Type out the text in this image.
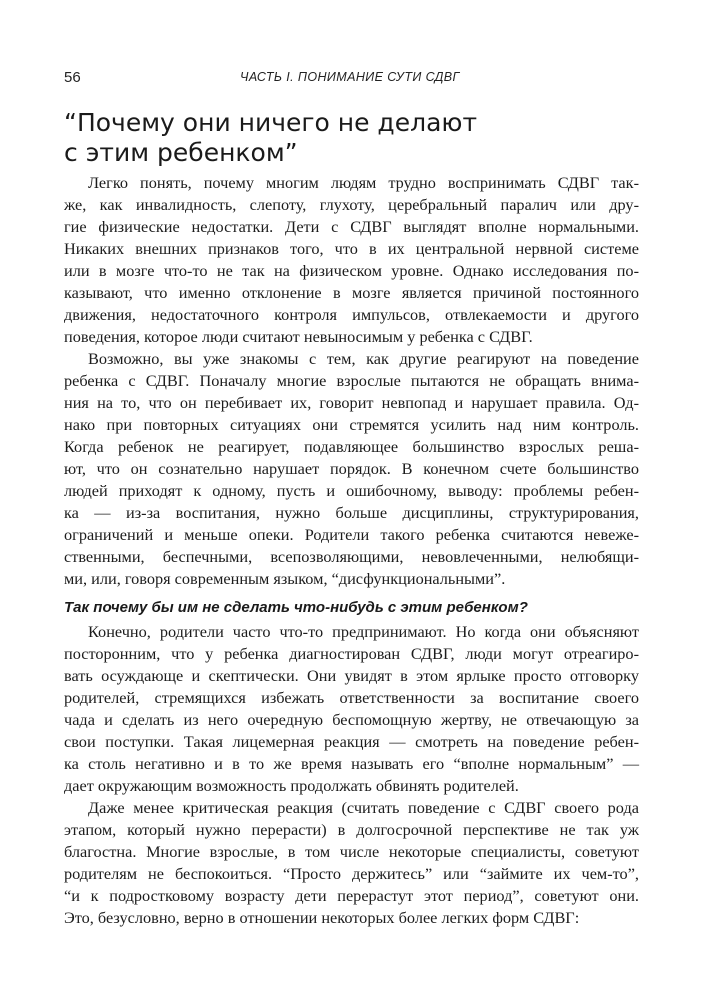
56	ЧАСТЬ I. ПОНИМАНИЕ СУТИ СДВГ
“Почему они ничего не делают
с этим ребенком”
Легко понять, почему многим людям трудно воспринимать СДВГ так-
же, как инвалидность, слепоту, глухоту, церебральный паралич или дру-
гие физические недостатки. Дети с СДВГ выглядят вполне нормальными.
Никаких внешних признаков того, что в их центральной нервной системе
или в мозге что-то не так на физическом уровне. Однако исследования по-
казывают, что именно отклонение в мозге является причиной постоянного
движения, недостаточного контроля импульсов, отвлекаемости и другого
поведения, которое люди считают невыносимым у ребенка с СДВГ.
Возможно, вы уже знакомы с тем, как другие реагируют на поведение
ребенка с СДВГ. Поначалу многие взрослые пытаются не обращать внима-
ния на то, что он перебивает их, говорит невпопад и нарушает правила. Од-
нако при повторных ситуациях они стремятся усилить над ним контроль.
Когда ребенок не реагирует, подавляющее большинство взрослых реша-
ют, что он сознательно нарушает порядок. В конечном счете большинство
людей приходят к одному, пусть и ошибочному, выводу: проблемы ребен-
ка — из-за воспитания, нужно больше дисциплины, структурирования,
ограничений и меньше опеки. Родители такого ребенка считаются невеже-
ственными, беспечными, всепозволяющими, невовлеченными, нелюбящи-
ми, или, говоря современным языком, “дисфункциональными”.
Так почему бы им не сделать что-нибудь с этим ребенком?
Конечно, родители часто что-то предпринимают. Но когда они объясняют
посторонним, что у ребенка диагностирован СДВГ, люди могут отреагиро-
вать осуждающе и скептически. Они увидят в этом ярлыке просто отговорку
родителей, стремящихся избежать ответственности за воспитание своего
чада и сделать из него очередную беспомощную жертву, не отвечающую за
свои поступки. Такая лицемерная реакция — смотреть на поведение ребен-
ка столь негативно и в то же время называть его “вполне нормальным” —
дает окружающим возможность продолжать обвинять родителей.
Даже менее критическая реакция (считать поведение с СДВГ своего рода
этапом, который нужно перерасти) в долгосрочной перспективе не так уж
благостна. Многие взрослые, в том числе некоторые специалисты, советуют
родителям не беспокоиться. “Просто держитесь” или “займите их чем-то”,
“и к подростковому возрасту дети перерастут этот период”, советуют они.
Это, безусловно, верно в отношении некоторых более легких форм СДВГ:
